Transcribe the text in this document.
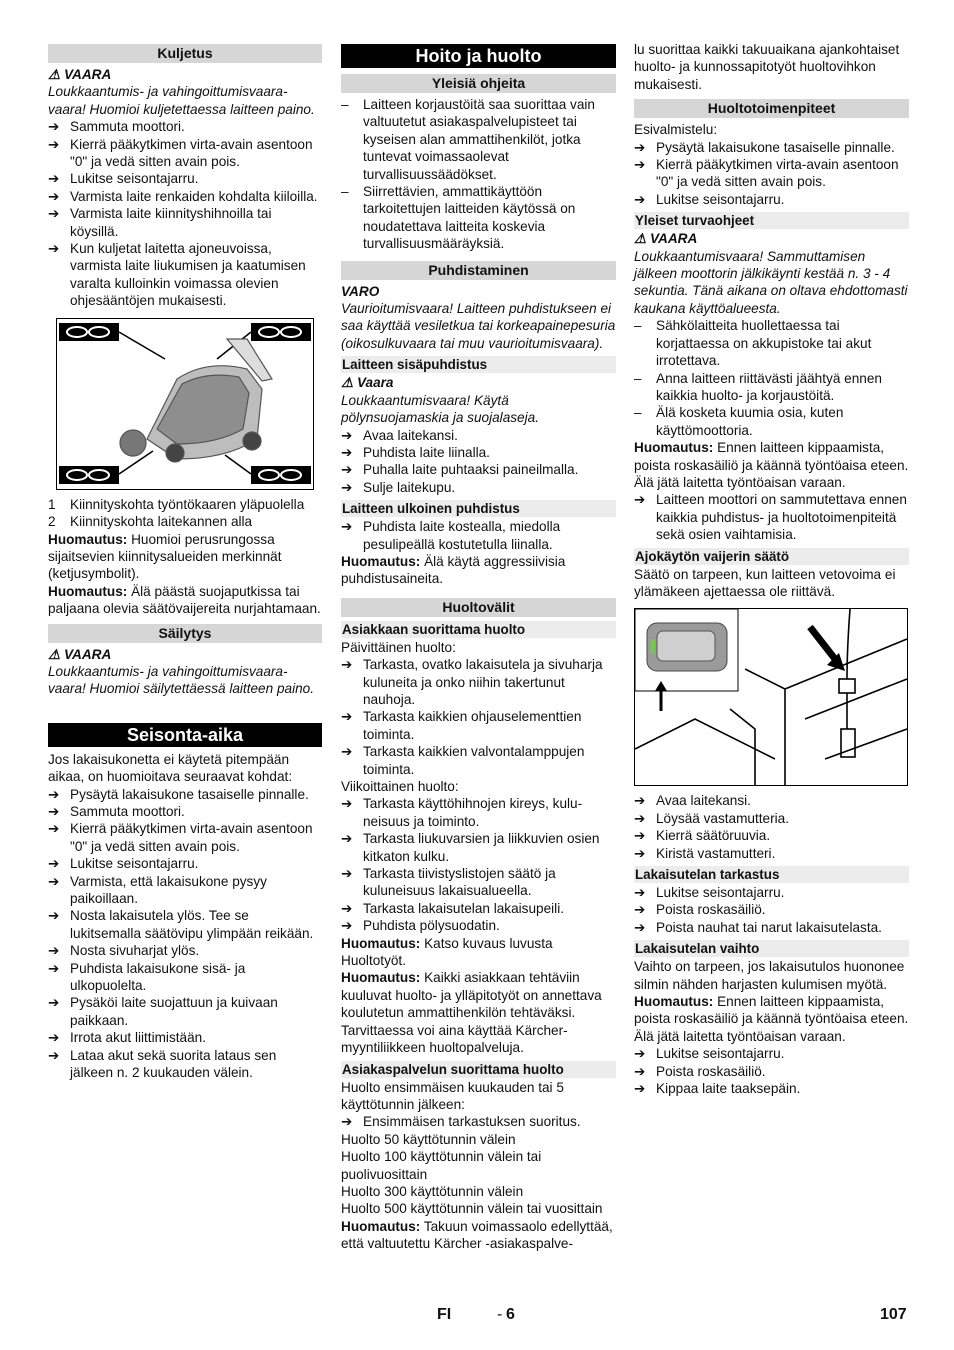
Kuljetus
⚠ VAARA
Loukkaantumis- ja vahingoittumisvaara-vaara! Huomioi kuljetettaessa laitteen paino.
➔ Sammuta moottori.
➔ Kierrä pääkytkimen virta-avain asentoon "0" ja vedä sitten avain pois.
➔ Lukitse seisontajarru.
➔ Varmista laite renkaiden kohdalta kiiloilla.
➔ Varmista laite kiinnityshihnoilla tai köysillä.
➔ Kun kuljetat laitetta ajoneuvoissa, varmista laite liukumisen ja kaatumisen varalta kulloinkin voimassa olevien ohjesääntöjen mukaisesti.
1 Kiinnityskohta työntökaaren yläpuolella
2 Kiinnityskohta laitekannen alla
Huomautus: Huomioi perusrungossa sijaitsevien kiinnitysalueiden merkinnät (ketjusymbolit).
Huomautus: Älä päästä suojaputkissa tai paljaana olevia säätövaijereita nurjahtamaan.
Säilytys
⚠ VAARA
Loukkaantumis- ja vahingoittumisvaara-vaara! Huomioi säilytettäessä laitteen paino.
Seisonta-aika
Jos lakaisukonetta ei käytetä pitempään aikaa, on huomioitava seuraavat kohdat:
➔ Pysäytä lakaisukone tasaiselle pinnalle.
➔ Sammuta moottori.
➔ Kierrä pääkytkimen virta-avain asentoon "0" ja vedä sitten avain pois.
➔ Lukitse seisontajarru.
➔ Varmista, että lakaisukone pysyy paikoillaan.
➔ Nosta lakaisutela ylös. Tee se lukitsemalla säätövipu ylimpään reikään.
➔ Nosta sivuharjat ylös.
➔ Puhdista lakaisukone sisä- ja ulkopuolelta.
➔ Pysäköi laite suojattuun ja kuivaan paikkaan.
➔ Irrota akut liittimistään.
➔ Lataa akut sekä suorita lataus sen jälkeen n. 2 kuukauden välein.
Hoito ja huolto
Yleisiä ohjeita
– Laitteen korjaustöitä saa suorittaa vain valtuutetut asiakaspalvelupisteet tai kyseisen alan ammattihenkilöt, jotka tuntevat voimassaolevat turvallisuussäädökset.
– Siirrettävien, ammattikäyttöön tarkoitettujen laitteiden käytössä on noudatettava laitteita koskevia turvallisuusmääräyksiä.
Puhdistaminen
VARO
Vaurioitumisvaara! Laitteen puhdistukseen ei saa käyttää vesiletkua tai korkeapainepesuria (oikosulkuvaara tai muu vaurioitumisvaara).
Laitteen sisäpuhdistus
⚠ Vaara
Loukkaantumisvaara! Käytä pölynsuojamaskia ja suojalaseja.
➔ Avaa laitekansi.
➔ Puhdista laite liinalla.
➔ Puhalla laite puhtaaksi paineilmalla.
➔ Sulje laitekupu.
Laitteen ulkoinen puhdistus
➔ Puhdista laite kostealla, miedolla pesulipeällä kostutetulla liinalla.
Huomautus: Älä käytä aggressiivisia puhdistusaineita.
Huoltovälit
Asiakkaan suorittama huolto
Päivittäinen huolto:
➔ Tarkasta, ovatko lakaisutela ja sivuharja kuluneita ja onko niihin takertunut nauhoja.
➔ Tarkasta kaikkien ohjauselementtien toiminta.
➔ Tarkasta kaikkien valvontalamppujen toiminta.
Viikoittainen huolto:
➔ Tarkasta käyttöhihnojen kireys, kulu-neisuus ja toiminto.
➔ Tarkasta liukuvarsien ja liikkuvien osien kitkaton kulku.
➔ Tarkasta tiivistyslistojen säätö ja kuluneisuus lakaisualueella.
➔ Tarkasta lakaisutelan lakaisupeili.
➔ Puhdista pölysuodatin.
Huomautus: Katso kuvaus luvusta Huoltotyöt.
Huomautus: Kaikki asiakkaan tehtäviin kuuluvat huolto- ja ylläpitotyöt on annettava koulutetun ammattihenkilön tehtäväksi. Tarvittaessa voi aina käyttää Kärcher-myyntiliikkeen huoltopalveluja.
Asiakaspalvelun suorittama huolto
Huolto ensimmäisen kuukauden tai 5 käyttötunnin jälkeen:
➔ Ensimmäisen tarkastuksen suoritus.
Huolto 50 käyttötunnin välein
Huolto 100 käyttötunnin välein tai puolivuosittain
Huolto 300 käyttötunnin välein
Huolto 500 käyttötunnin välein tai vuosittain
Huomautus: Takuun voimassaolo edellyttää, että valtuutettu Kärcher -asiakaspalve-
lu suorittaa kaikki takuuaikana ajankohtaiset huolto- ja kunnossapitotyöt huoltovihkon mukaisesti.
Huoltotoimenpiteet
Esivalmistelu:
➔ Pysäytä lakaisukone tasaiselle pinnalle.
➔ Kierrä pääkytkimen virta-avain asentoon "0" ja vedä sitten avain pois.
➔ Lukitse seisontajarru.
Yleiset turvaohjeet
⚠ VAARA
Loukkaantumisvaara! Sammuttamisen jälkeen moottorin jälkikäynti kestää n. 3 - 4 sekuntia. Tänä aikana on oltava ehdottomasti kaukana käyttöalueesta.
– Sähkölaitteita huollettaessa tai korjattaessa on akkupistoke tai akut irrotettava.
– Anna laitteen riittävästi jäähtyä ennen kaikkia huolto- ja korjaustöitä.
– Älä kosketa kuumia osia, kuten käyttömoottoria.
Huomautus: Ennen laitteen kippaamista, poista roskasäiliö ja käännä työntöaisa eteen. Älä jätä laitetta työntöaisan varaan.
➔ Laitteen moottori on sammutettava ennen kaikkia puhdistus- ja huoltotoimenpiteitä sekä osien vaihtamisia.
Ajokäytön vaijerin säätö
Säätö on tarpeen, kun laitteen vetovoima ei ylämäkeen ajettaessa ole riittävä.
➔ Avaa laitekansi.
➔ Löysää vastamutteria.
➔ Kierrä säätöruuvia.
➔ Kiristä vastamutteri.
Lakaisutelan tarkastus
➔ Lukitse seisontajarru.
➔ Poista roskasäiliö.
➔ Poista nauhat tai narut lakaisutelasta.
Lakaisutelan vaihto
Vaihto on tarpeen, jos lakaisutulos huononee silmin nähden harjasten kulumisen myötä.
Huomautus: Ennen laitteen kippaamista, poista roskasäiliö ja käännä työntöaisa eteen. Älä jätä laitetta työntöaisan varaan.
➔ Lukitse seisontajarru.
➔ Poista roskasäiliö.
➔ Kippaa laite taaksepäin.
FI	- 6	107
